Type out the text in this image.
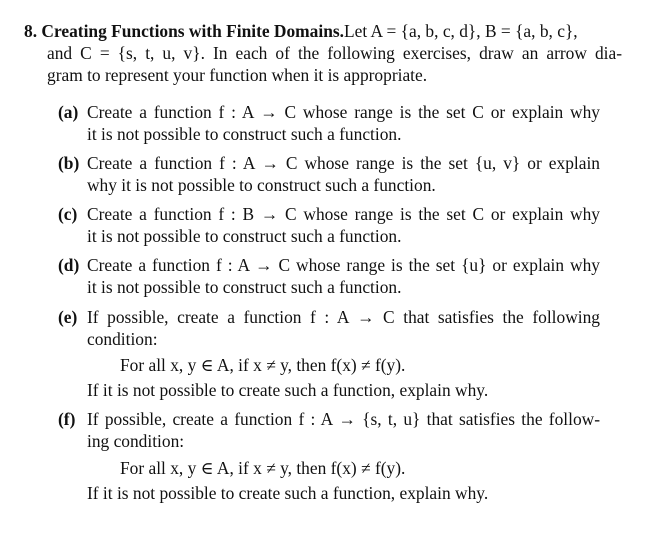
8. Creating Functions with Finite Domains.Let A = {a, b, c, d}, B = {a, b, c},
and C = {s, t, u, v}. In each of the following exercises, draw an arrow dia-
gram to represent your function when it is appropriate.
(a) Create a function f : A → C whose range is the set C or explain why
it is not possible to construct such a function.
(b) Create a function f : A → C whose range is the set {u, v} or explain
why it is not possible to construct such a function.
(c) Create a function f : B → C whose range is the set C or explain why
it is not possible to construct such a function.
(d) Create a function f : A → C whose range is the set {u} or explain why
it is not possible to construct such a function.
(e) If possible, create a function f : A → C that satisfies the following
condition:
For all x, y ∈ A, if x ≠ y, then f(x) ≠ f(y).
If it is not possible to create such a function, explain why.
(f) If possible, create a function f : A → {s, t, u} that satisfies the follow-
ing condition:
For all x, y ∈ A, if x ≠ y, then f(x) ≠ f(y).
If it is not possible to create such a function, explain why.
